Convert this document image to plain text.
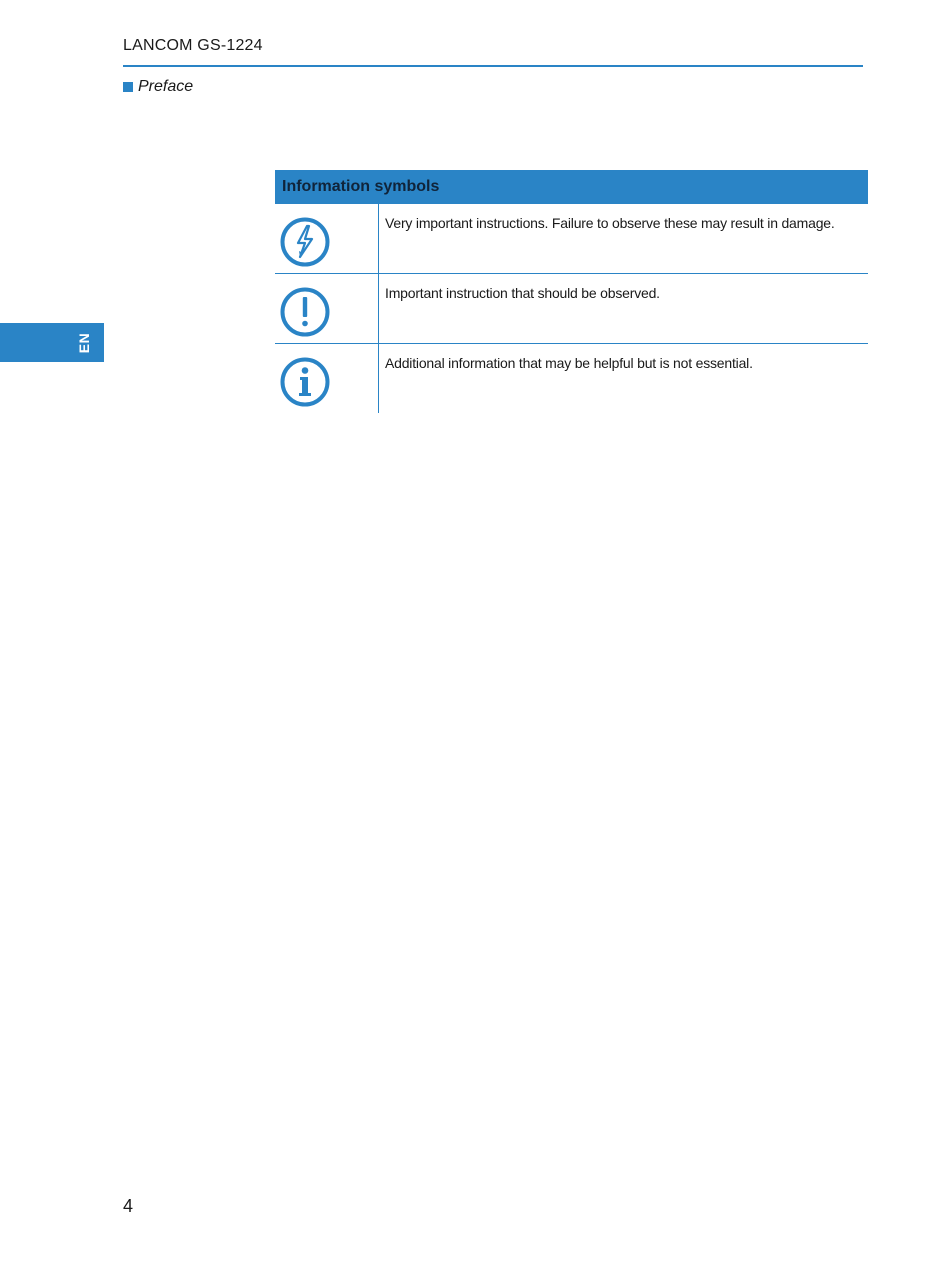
LANCOM GS-1224
Preface
EN
Information symbols
Very important instructions. Failure to observe these may result in damage.
Important instruction that should be observed.
Additional information that may be helpful but is not essential.
4
